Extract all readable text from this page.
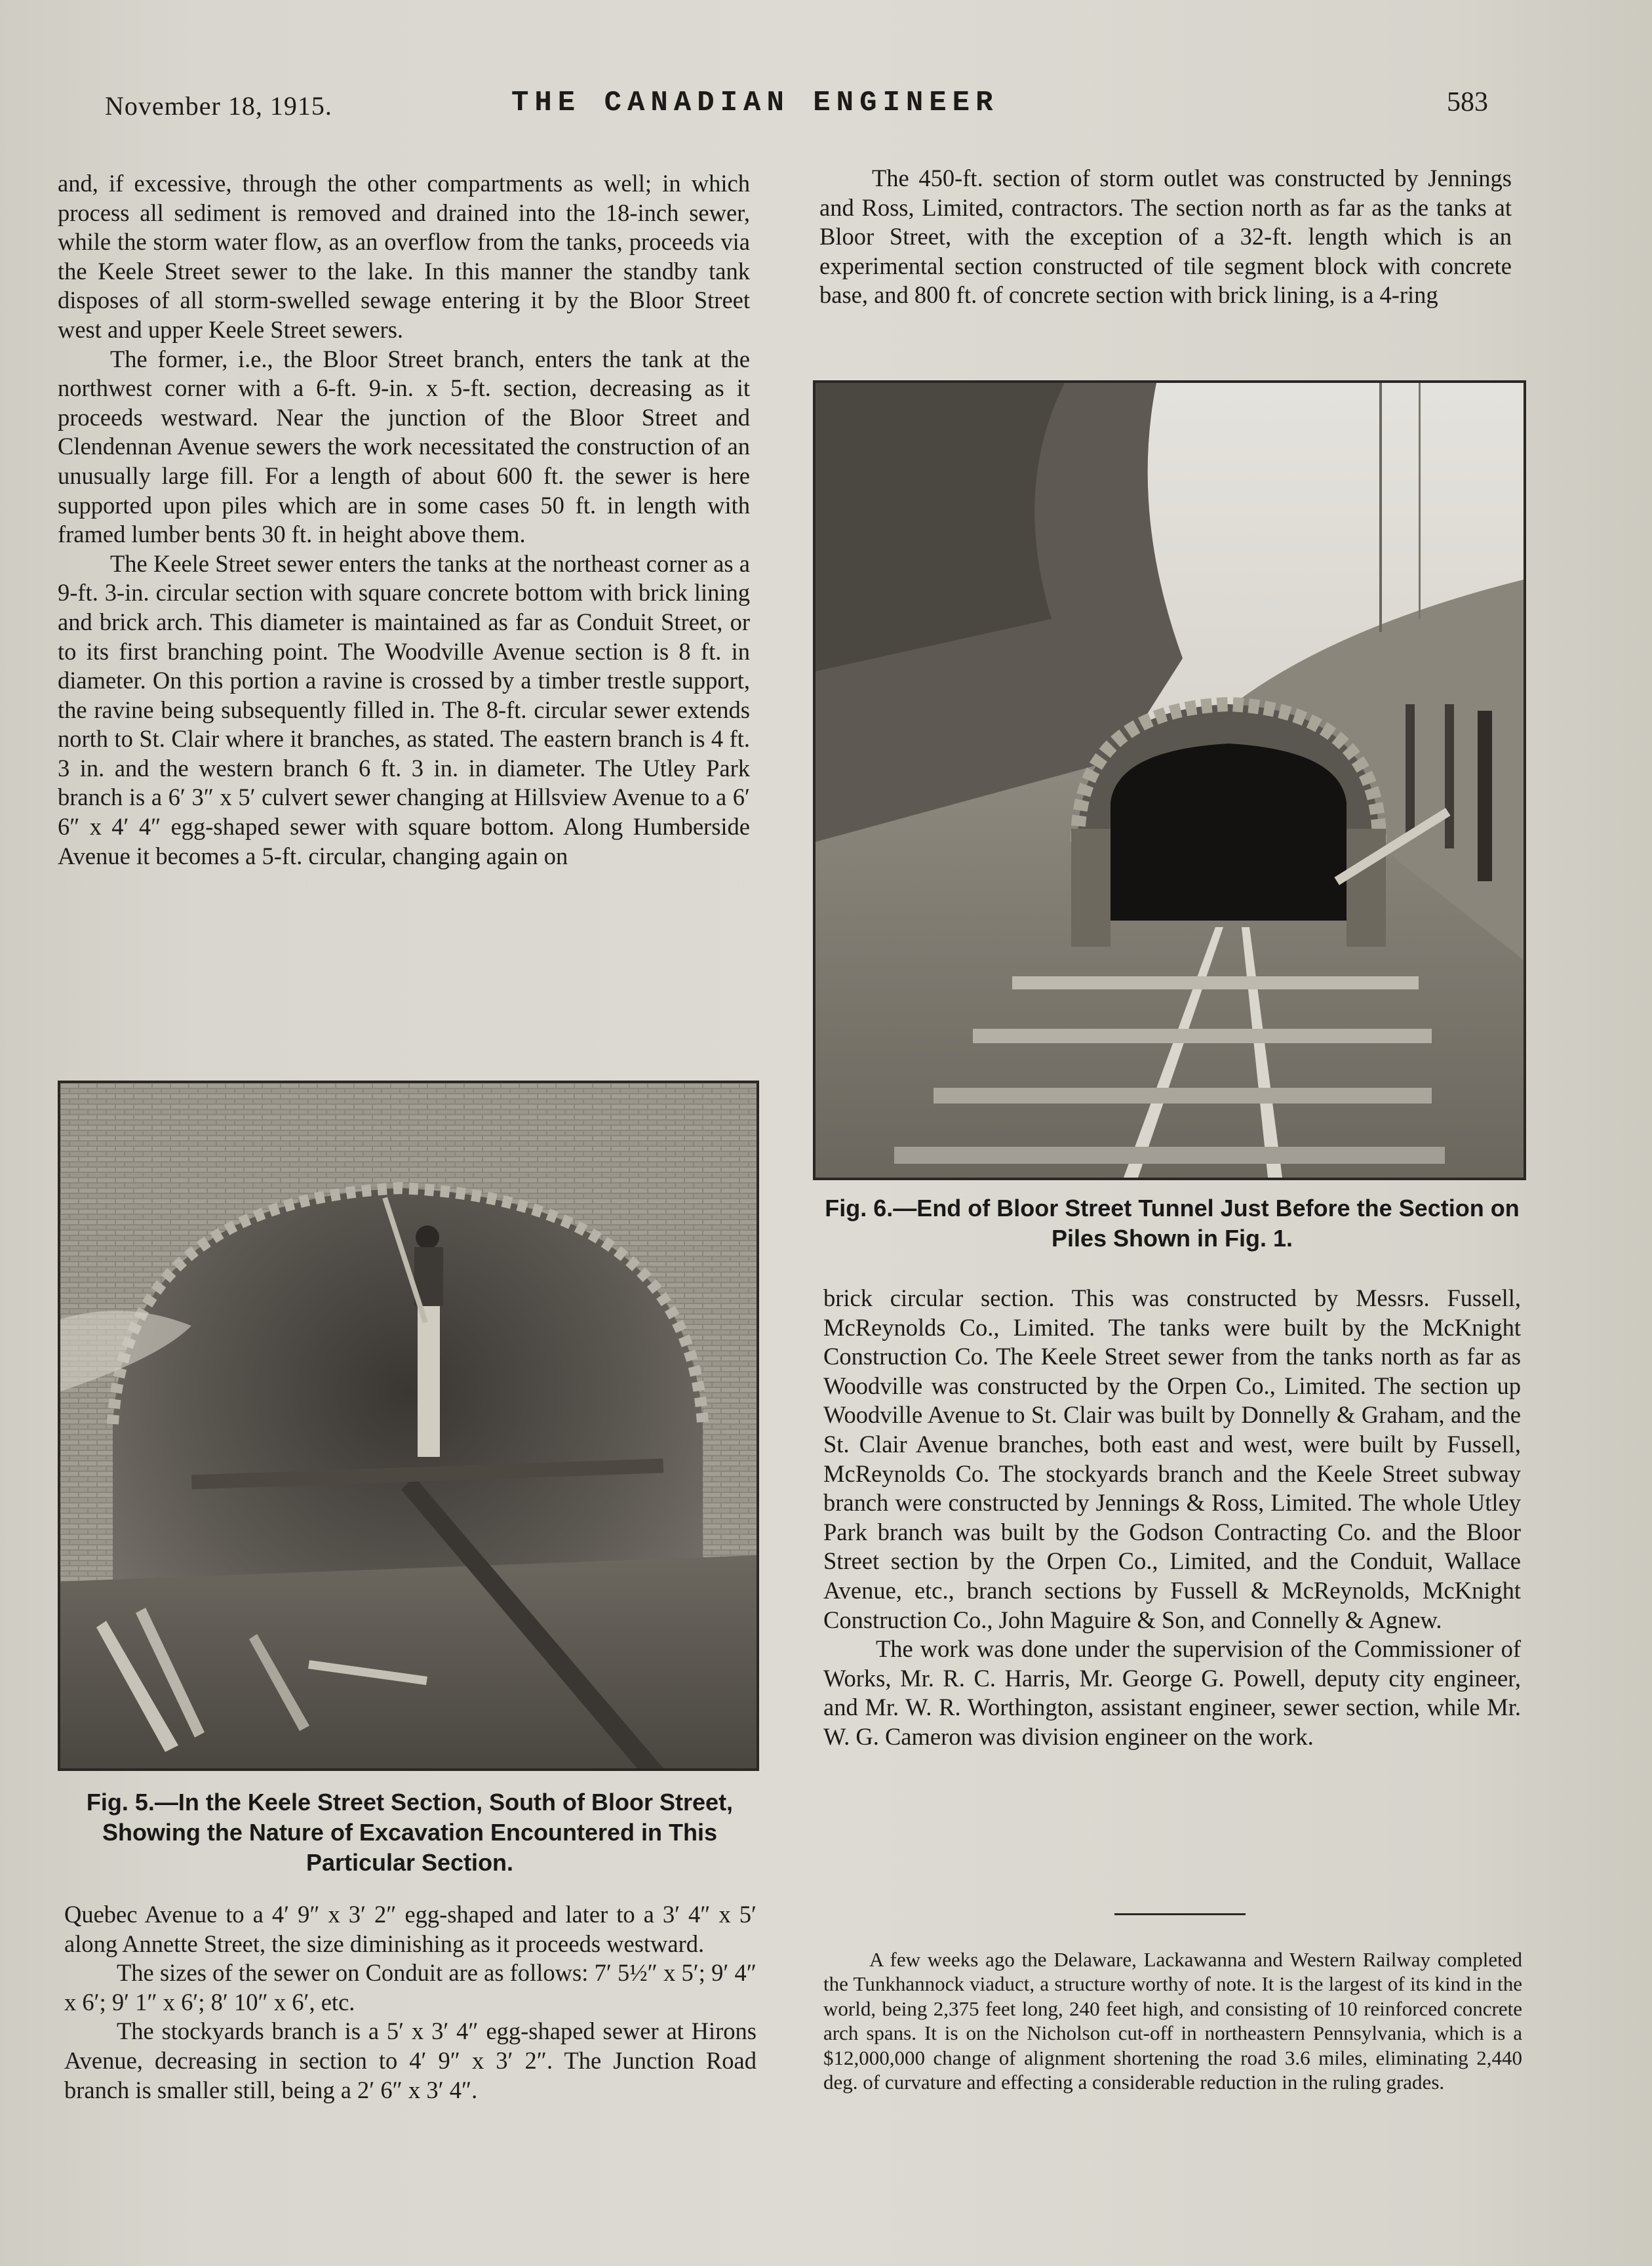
November 18, 1915.	THE CANADIAN ENGINEER	583

and, if excessive, through the other compartments as well; in which process all sediment is removed and drained into the 18-inch sewer, while the storm water flow, as an overflow from the tanks, proceeds via the Keele Street sewer to the lake. In this manner the standby tank disposes of all storm-swelled sewage entering it by the Bloor Street west and upper Keele Street sewers.

The former, i.e., the Bloor Street branch, enters the tank at the northwest corner with a 6-ft. 9-in. x 5-ft. section, decreasing as it proceeds westward. Near the junction of the Bloor Street and Clendennan Avenue sewers the work necessitated the construction of an unusually large fill. For a length of about 600 ft. the sewer is here supported upon piles which are in some cases 50 ft. in length with framed lumber bents 30 ft. in height above them.

The Keele Street sewer enters the tanks at the northeast corner as a 9-ft. 3-in. circular section with square concrete bottom with brick lining and brick arch. This diameter is maintained as far as Conduit Street, or to its first branching point. The Woodville Avenue section is 8 ft. in diameter. On this portion a ravine is crossed by a timber trestle support, the ravine being subsequently filled in. The 8-ft. circular sewer extends north to St. Clair where it branches, as stated. The eastern branch is 4 ft. 3 in. and the western branch 6 ft. 3 in. in diameter. The Utley Park branch is a 6′ 3″ x 5′ culvert sewer changing at Hillsview Avenue to a 6′ 6″ x 4′ 4″ egg-shaped sewer with square bottom. Along Humberside Avenue it becomes a 5-ft. circular, changing again on

Fig. 5.—In the Keele Street Section, South of Bloor Street, Showing the Nature of Excavation Encountered in This Particular Section.

Quebec Avenue to a 4′ 9″ x 3′ 2″ egg-shaped and later to a 3′ 4″ x 5′ along Annette Street, the size diminishing as it proceeds westward.

The sizes of the sewer on Conduit are as follows: 7′ 5½″ x 5′; 9′ 4″ x 6′; 9′ 1″ x 6′; 8′ 10″ x 6′, etc.

The stockyards branch is a 5′ x 3′ 4″ egg-shaped sewer at Hirons Avenue, decreasing in section to 4′ 9″ x 3′ 2″. The Junction Road branch is smaller still, being a 2′ 6″ x 3′ 4″.

The 450-ft. section of storm outlet was constructed by Jennings and Ross, Limited, contractors. The section north as far as the tanks at Bloor Street, with the exception of a 32-ft. length which is an experimental section constructed of tile segment block with concrete base, and 800 ft. of concrete section with brick lining, is a 4-ring

Fig. 6.—End of Bloor Street Tunnel Just Before the Section on Piles Shown in Fig. 1.

brick circular section. This was constructed by Messrs. Fussell, McReynolds Co., Limited. The tanks were built by the McKnight Construction Co. The Keele Street sewer from the tanks north as far as Woodville was constructed by the Orpen Co., Limited. The section up Woodville Avenue to St. Clair was built by Donnelly & Graham, and the St. Clair Avenue branches, both east and west, were built by Fussell, McReynolds Co. The stockyards branch and the Keele Street subway branch were constructed by Jennings & Ross, Limited. The whole Utley Park branch was built by the Godson Contracting Co. and the Bloor Street section by the Orpen Co., Limited, and the Conduit, Wallace Avenue, etc., branch sections by Fussell & McReynolds, McKnight Construction Co., John Maguire & Son, and Connelly & Agnew.

The work was done under the supervision of the Commissioner of Works, Mr. R. C. Harris, Mr. George G. Powell, deputy city engineer, and Mr. W. R. Worthington, assistant engineer, sewer section, while Mr. W. G. Cameron was division engineer on the work.

A few weeks ago the Delaware, Lackawanna and Western Railway completed the Tunkhannock viaduct, a structure worthy of note. It is the largest of its kind in the world, being 2,375 feet long, 240 feet high, and consisting of 10 reinforced concrete arch spans. It is on the Nicholson cut-off in northeastern Pennsylvania, which is a $12,000,000 change of alignment shortening the road 3.6 miles, eliminating 2,440 deg. of curvature and effecting a considerable reduction in the ruling grades.
